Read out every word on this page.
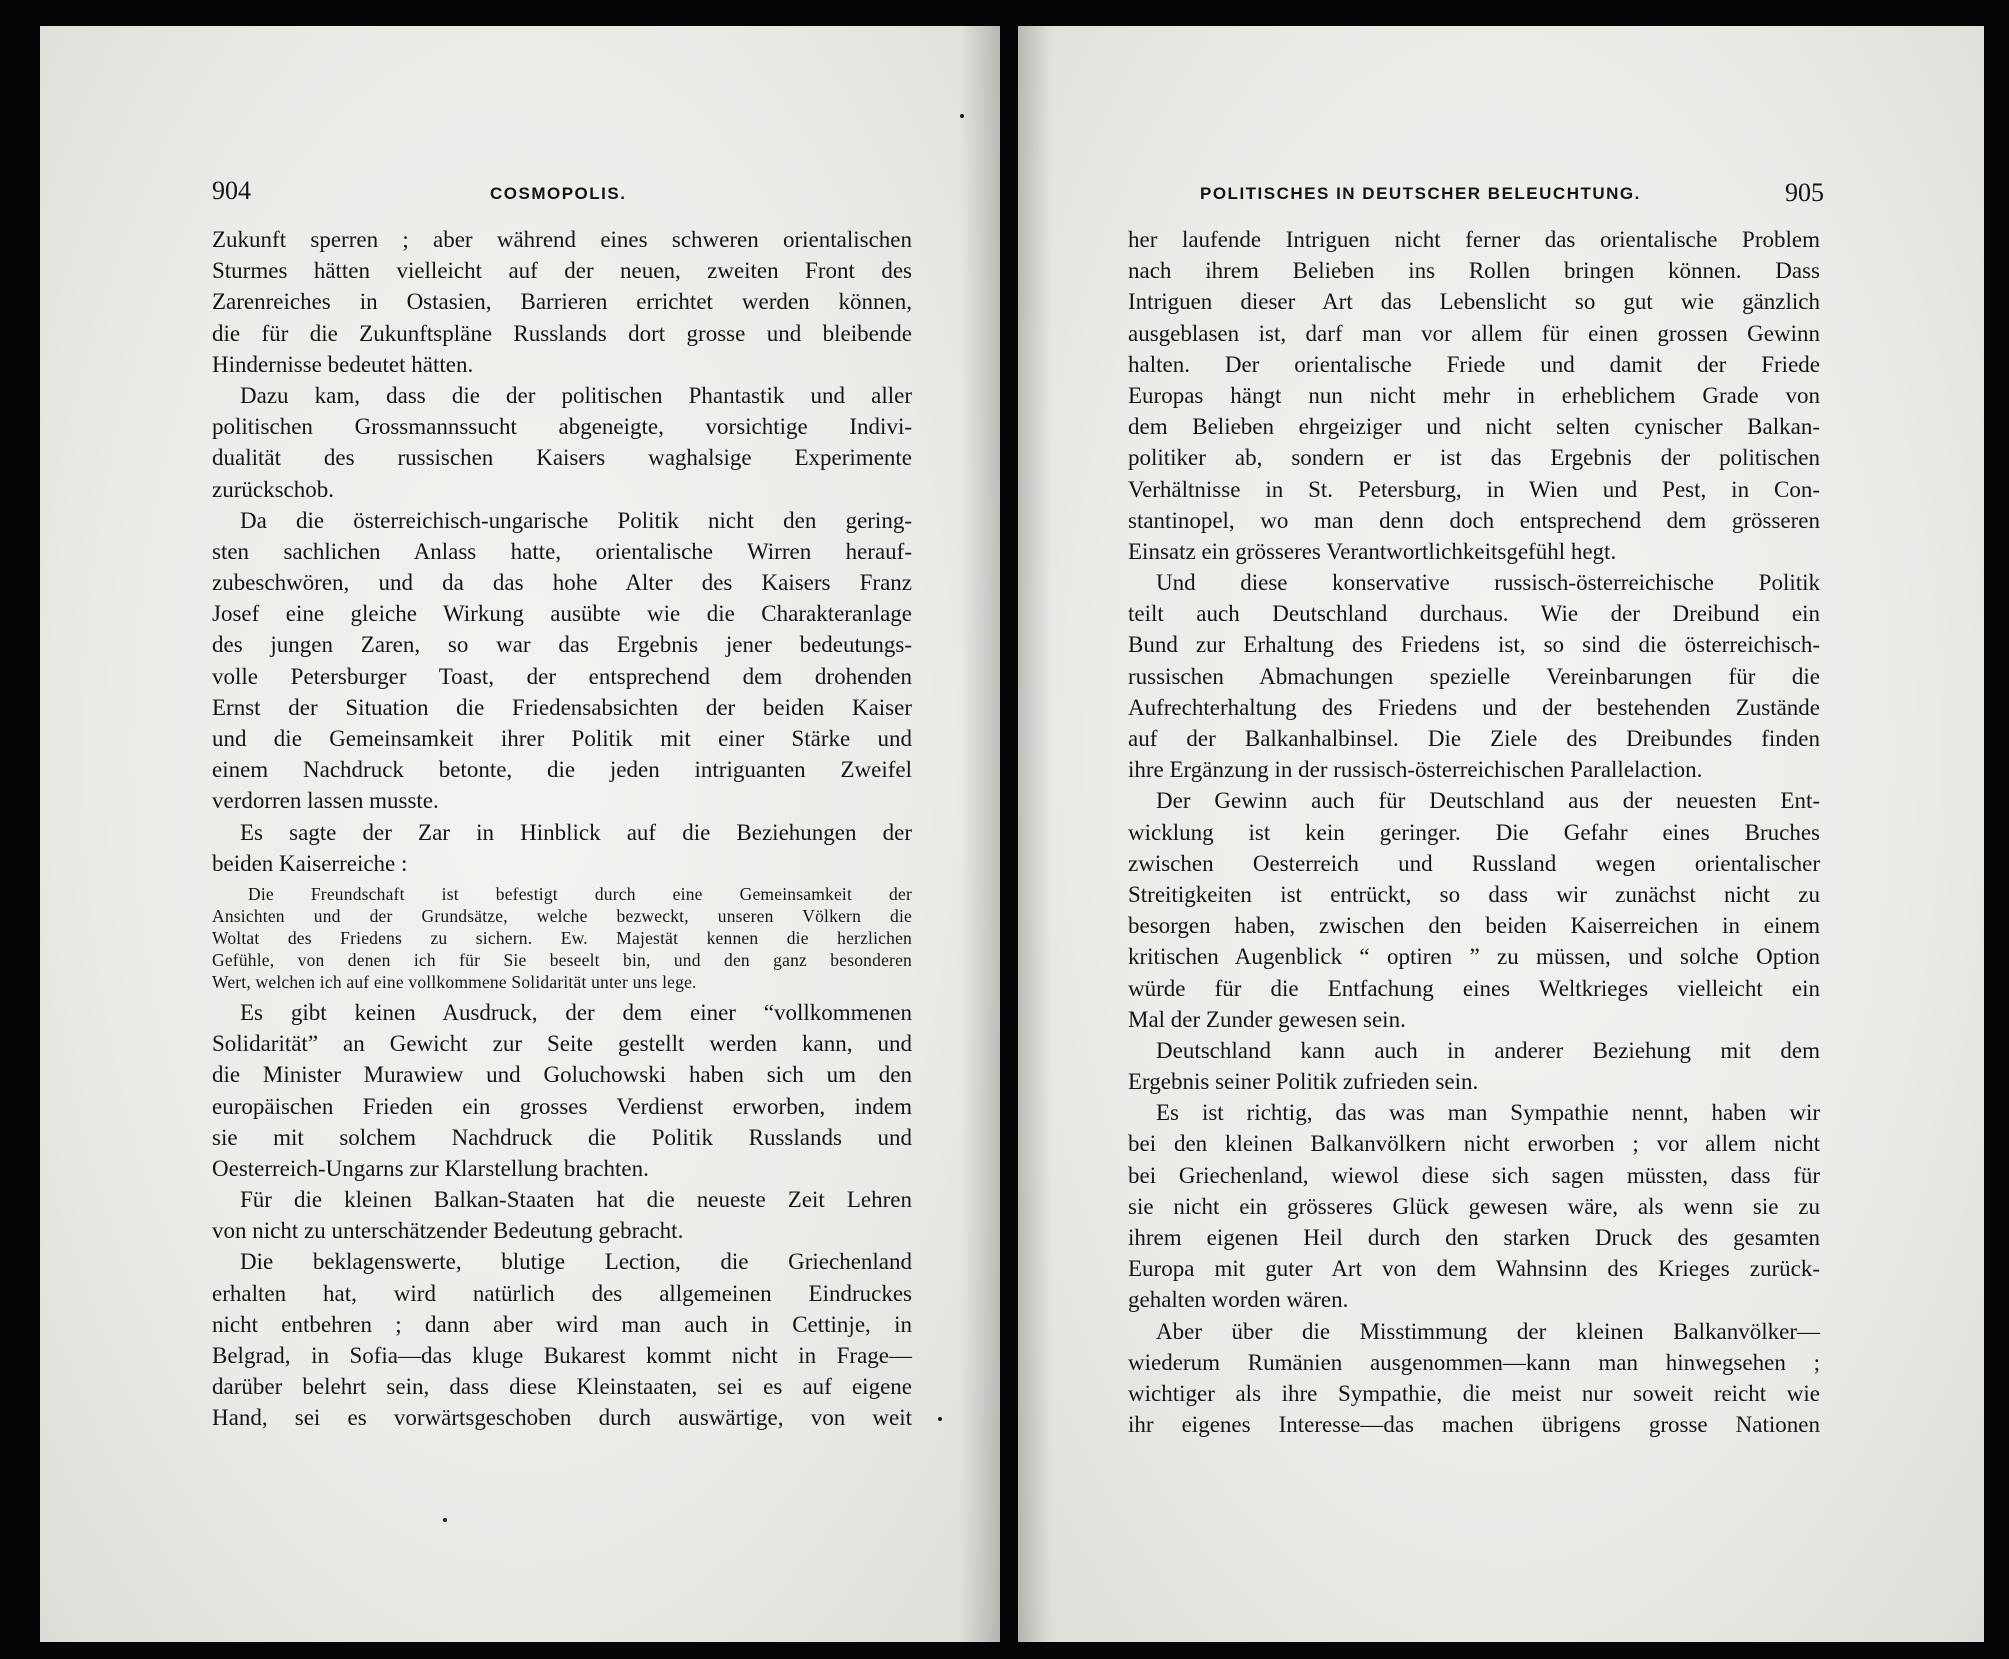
904	COSMOPOLIS.
Zukunft sperren ; aber während eines schweren orientalischen
Sturmes hätten vielleicht auf der neuen, zweiten Front des
Zarenreiches in Ostasien, Barrieren errichtet werden können,
die für die Zukunftspläne Russlands dort grosse und bleibende
Hindernisse bedeutet hätten.
Dazu kam, dass die der politischen Phantastik und aller
politischen Grossmannssucht abgeneigte, vorsichtige Indivi-
dualität des russischen Kaisers waghalsige Experimente
zurückschob.
Da die österreichisch-ungarische Politik nicht den gering-
sten sachlichen Anlass hatte, orientalische Wirren herauf-
zubeschwören, und da das hohe Alter des Kaisers Franz
Josef eine gleiche Wirkung ausübte wie die Charakteranlage
des jungen Zaren, so war das Ergebnis jener bedeutungs-
volle Petersburger Toast, der entsprechend dem drohenden
Ernst der Situation die Friedensabsichten der beiden Kaiser
und die Gemeinsamkeit ihrer Politik mit einer Stärke und
einem Nachdruck betonte, die jeden intriguanten Zweifel
verdorren lassen musste.
Es sagte der Zar in Hinblick auf die Beziehungen der
beiden Kaiserreiche :
Die Freundschaft ist befestigt durch eine Gemeinsamkeit der
Ansichten und der Grundsätze, welche bezweckt, unseren Völkern die
Woltat des Friedens zu sichern. Ew. Majestät kennen die herzlichen
Gefühle, von denen ich für Sie beseelt bin, und den ganz besonderen
Wert, welchen ich auf eine vollkommene Solidarität unter uns lege.
Es gibt keinen Ausdruck, der dem einer “vollkommenen
Solidarität” an Gewicht zur Seite gestellt werden kann, und
die Minister Murawiew und Goluchowski haben sich um den
europäischen Frieden ein grosses Verdienst erworben, indem
sie mit solchem Nachdruck die Politik Russlands und
Oesterreich-Ungarns zur Klarstellung brachten.
Für die kleinen Balkan-Staaten hat die neueste Zeit Lehren
von nicht zu unterschätzender Bedeutung gebracht.
Die beklagenswerte, blutige Lection, die Griechenland
erhalten hat, wird natürlich des allgemeinen Eindruckes
nicht entbehren ; dann aber wird man auch in Cettinje, in
Belgrad, in Sofia—das kluge Bukarest kommt nicht in Frage—
darüber belehrt sein, dass diese Kleinstaaten, sei es auf eigene
Hand, sei es vorwärtsgeschoben durch auswärtige, von weit
POLITISCHES IN DEUTSCHER BELEUCHTUNG.	905
her laufende Intriguen nicht ferner das orientalische Problem
nach ihrem Belieben ins Rollen bringen können. Dass
Intriguen dieser Art das Lebenslicht so gut wie gänzlich
ausgeblasen ist, darf man vor allem für einen grossen Gewinn
halten. Der orientalische Friede und damit der Friede
Europas hängt nun nicht mehr in erheblichem Grade von
dem Belieben ehrgeiziger und nicht selten cynischer Balkan-
politiker ab, sondern er ist das Ergebnis der politischen
Verhältnisse in St. Petersburg, in Wien und Pest, in Con-
stantinopel, wo man denn doch entsprechend dem grösseren
Einsatz ein grösseres Verantwortlichkeitsgefühl hegt.
Und diese konservative russisch-österreichische Politik
teilt auch Deutschland durchaus. Wie der Dreibund ein
Bund zur Erhaltung des Friedens ist, so sind die österreichisch-
russischen Abmachungen spezielle Vereinbarungen für die
Aufrechterhaltung des Friedens und der bestehenden Zustände
auf der Balkanhalbinsel. Die Ziele des Dreibundes finden
ihre Ergänzung in der russisch-österreichischen Parallelaction.
Der Gewinn auch für Deutschland aus der neuesten Ent-
wicklung ist kein geringer. Die Gefahr eines Bruches
zwischen Oesterreich und Russland wegen orientalischer
Streitigkeiten ist entrückt, so dass wir zunächst nicht zu
besorgen haben, zwischen den beiden Kaiserreichen in einem
kritischen Augenblick “ optiren ” zu müssen, und solche Option
würde für die Entfachung eines Weltkrieges vielleicht ein
Mal der Zunder gewesen sein.
Deutschland kann auch in anderer Beziehung mit dem
Ergebnis seiner Politik zufrieden sein.
Es ist richtig, das was man Sympathie nennt, haben wir
bei den kleinen Balkanvölkern nicht erworben ; vor allem nicht
bei Griechenland, wiewol diese sich sagen müssten, dass für
sie nicht ein grösseres Glück gewesen wäre, als wenn sie zu
ihrem eigenen Heil durch den starken Druck des gesamten
Europa mit guter Art von dem Wahnsinn des Krieges zurück-
gehalten worden wären.
Aber über die Misstimmung der kleinen Balkanvölker—
wiederum Rumänien ausgenommen—kann man hinwegsehen ;
wichtiger als ihre Sympathie, die meist nur soweit reicht wie
ihr eigenes Interesse—das machen übrigens grosse Nationen
